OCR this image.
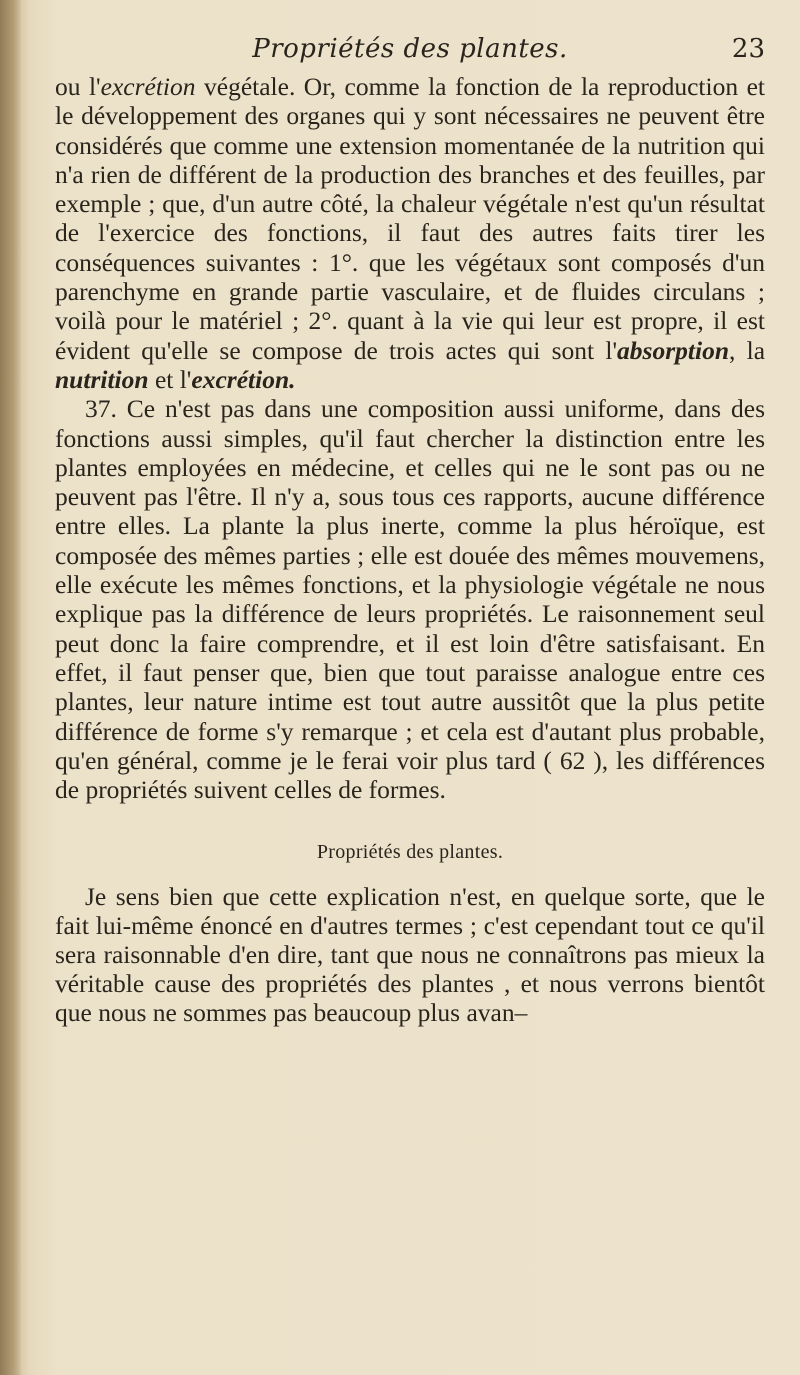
Propriétés des plantes.	23

ou l'excrétion végétale. Or, comme la fonction de la reproduction et le développement des organes qui y sont nécessaires ne peuvent être considérés que comme une extension momentanée de la nutrition qui n'a rien de différent de la production des branches et des feuilles, par exemple ; que, d'un autre côté, la chaleur végétale n'est qu'un résultat de l'exercice des fonctions, il faut des autres faits tirer les conséquences suivantes : 1°. que les végétaux sont composés d'un parenchyme en grande partie vasculaire, et de fluides circulans ; voilà pour le matériel ; 2°. quant à la vie qui leur est propre, il est évident qu'elle se compose de trois actes qui sont l'absorption, la nutrition et l'excrétion.

37. Ce n'est pas dans une composition aussi uniforme, dans des fonctions aussi simples, qu'il faut chercher la distinction entre les plantes employées en médecine, et celles qui ne le sont pas ou ne peuvent pas l'être. Il n'y a, sous tous ces rapports, aucune différence entre elles. La plante la plus inerte, comme la plus héroïque, est composée des mêmes parties ; elle est douée des mêmes mouvemens, elle exécute les mêmes fonctions, et la physiologie végétale ne nous explique pas la différence de leurs propriétés. Le raisonnement seul peut donc la faire comprendre, et il est loin d'être satisfaisant. En effet, il faut penser que, bien que tout paraisse analogue entre ces plantes, leur nature intime est tout autre aussitôt que la plus petite différence de forme s'y remarque ; et cela est d'autant plus probable, qu'en général, comme je le ferai voir plus tard ( 62 ), les différences de propriétés suivent celles de formes.

Propriétés des plantes.

Je sens bien que cette explication n'est, en quelque sorte, que le fait lui-même énoncé en d'autres termes ; c'est cependant tout ce qu'il sera raisonnable d'en dire, tant que nous ne connaîtrons pas mieux la véritable cause des propriétés des plantes , et nous verrons bientôt que nous ne sommes pas beaucoup plus avan–
